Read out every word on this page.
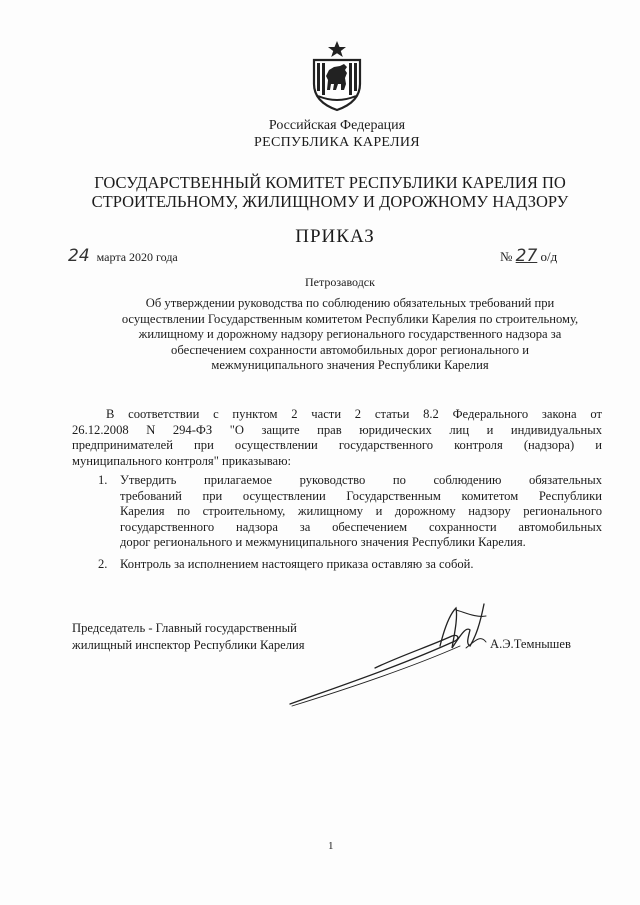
Российская Федерация
РЕСПУБЛИКА КАРЕЛИЯ
ГОСУДАРСТВЕННЫЙ КОМИТЕТ РЕСПУБЛИКИ КАРЕЛИЯ ПО
СТРОИТЕЛЬНОМУ, ЖИЛИЩНОМУ И ДОРОЖНОМУ НАДЗОРУ
ПРИКАЗ
24 марта 2020 года	№ 27 о/д
Петрозаводск
Об утверждении руководства по соблюдению обязательных требований при
осуществлении Государственным комитетом Республики Карелия по строительному,
жилищному и дорожному надзору регионального государственного надзора за
обеспечением сохранности автомобильных дорог регионального и
межмуниципального значения Республики Карелия
В соответствии с пунктом 2 части 2 статьи 8.2 Федерального закона от
26.12.2008 N 294-ФЗ "О защите прав юридических лиц и индивидуальных
предпринимателей при осуществлении государственного контроля (надзора) и
муниципального контроля" приказываю:
1. Утвердить прилагаемое руководство по соблюдению обязательных
требований при осуществлении Государственным комитетом Республики
Карелия по строительному, жилищному и дорожному надзору регионального
государственного надзора за обеспечением сохранности автомобильных
дорог регионального и межмуниципального значения Республики Карелия.
2. Контроль за исполнением настоящего приказа оставляю за собой.
Председатель - Главный государственный
жилищный инспектор Республики Карелия	А.Э.Темнышев
1
